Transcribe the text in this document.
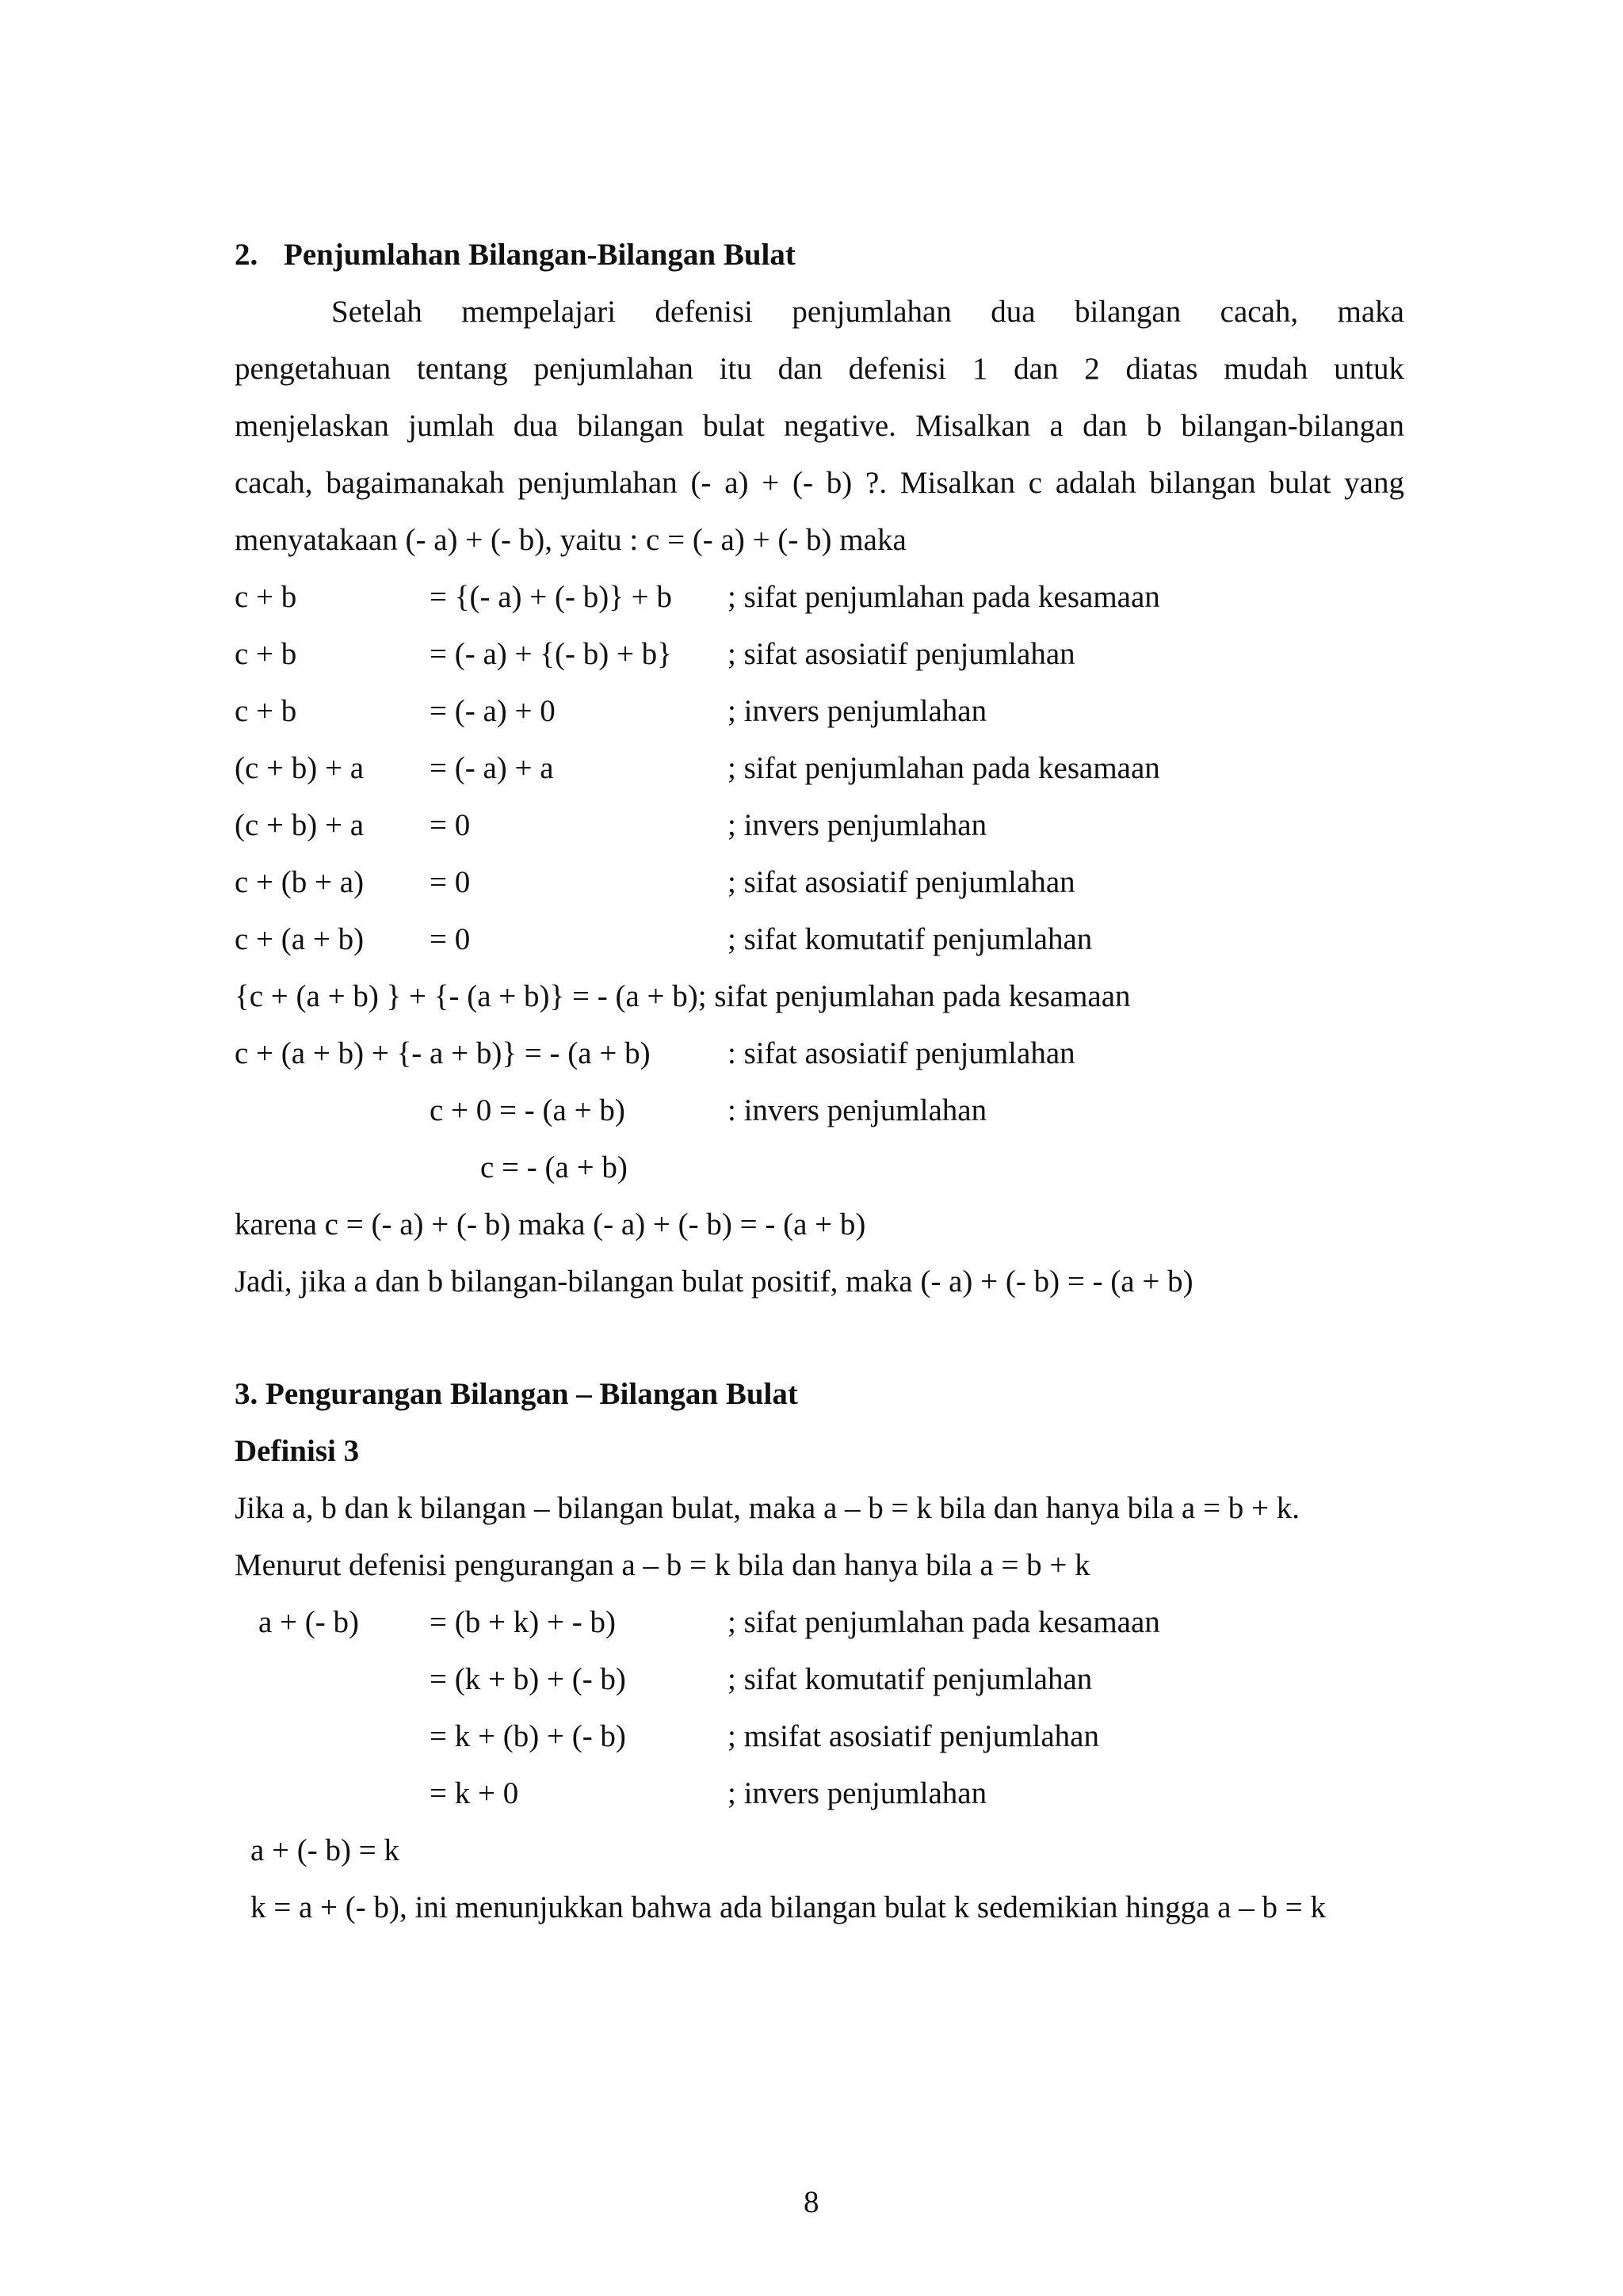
2. Penjumlahan Bilangan-Bilangan Bulat
Setelah mempelajari defenisi penjumlahan dua bilangan cacah, maka
pengetahuan tentang penjumlahan itu dan defenisi 1 dan 2 diatas mudah untuk
menjelaskan jumlah dua bilangan bulat negative. Misalkan a dan b bilangan-bilangan
cacah, bagaimanakah penjumlahan (- a) + (- b) ?. Misalkan c adalah bilangan bulat yang
menyatakaan (- a) + (- b), yaitu : c = (- a) + (- b) maka
c + b	= {(- a) + (- b)} + b ; sifat penjumlahan pada kesamaan
c + b	= (- a) + {(- b) + b} ; sifat asosiatif penjumlahan
c + b	= (- a) + 0	; invers penjumlahan
(c + b) + a = (- a) + a	; sifat penjumlahan pada kesamaan
(c + b) + a = 0	; invers penjumlahan
c + (b + a) = 0	; sifat asosiatif penjumlahan
c + (a + b) = 0	; sifat komutatif penjumlahan
{c + (a + b) } + {- (a + b)} = - (a + b); sifat penjumlahan pada kesamaan
c + (a + b) + {- a + b)} = - (a + b) : sifat asosiatif penjumlahan
c + 0 = - (a + b)	: invers penjumlahan
c = - (a + b)
karena c = (- a) + (- b) maka (- a) + (- b) = - (a + b)
Jadi, jika a dan b bilangan-bilangan bulat positif, maka (- a) + (- b) = - (a + b)
3. Pengurangan Bilangan – Bilangan Bulat
Definisi 3
Jika a, b dan k bilangan – bilangan bulat, maka a – b = k bila dan hanya bila a = b + k.
Menurut defenisi pengurangan a – b = k bila dan hanya bila a = b + k
a + (- b) = (b + k) + - b)	; sifat penjumlahan pada kesamaan
= (k + b) + (- b)	; sifat komutatif penjumlahan
= k + (b) + (- b)	; msifat asosiatif penjumlahan
= k + 0	; invers penjumlahan
a + (- b) = k
k = a + (- b), ini menunjukkan bahwa ada bilangan bulat k sedemikian hingga a – b = k
8
